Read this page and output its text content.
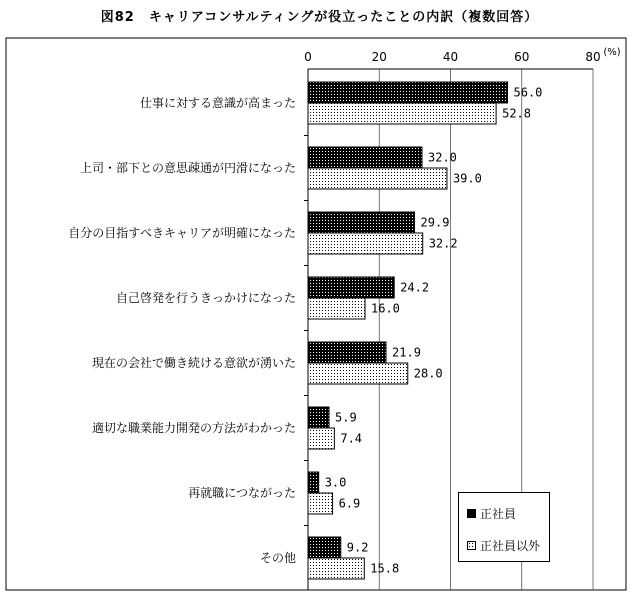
図82　キャリアコンサルティングが役立ったことの内訳（複数回答）
0	20	40	60	80 (%)
仕事に対する意識が高まった
56.0
52.8
上司・部下との意思疎通が円滑になった
32.0
39.0
自分の目指すべきキャリアが明確になった
29.9
32.2
自己啓発を行うきっかけになった
24.2
16.0
現在の会社で働き続ける意欲が湧いた
21.9
28.0
適切な職業能力開発の方法がわかった
5.9
7.4
再就職につながった
3.0
6.9
その他
9.2
15.8
正社員
正社員以外
